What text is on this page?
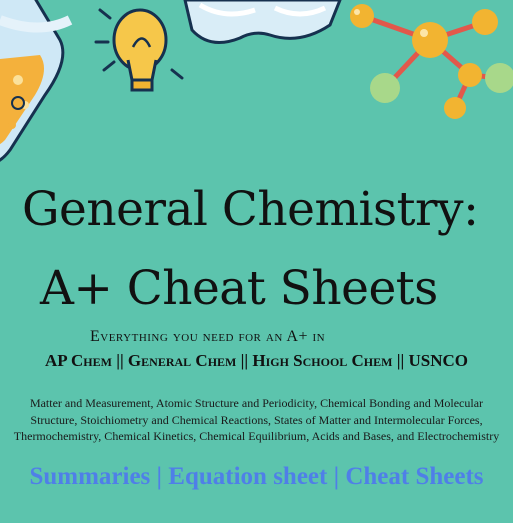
General Chemistry:
A+ Cheat Sheets
Everything you need for an A+ in
AP Chem || General Chem || High School Chem || USNCO
Matter and Measurement, Atomic Structure and Periodicity, Chemical Bonding and Molecular Structure, Stoichiometry and Chemical Reactions, States of Matter and Intermolecular Forces, Thermochemistry, Chemical Kinetics, Chemical Equilibrium, Acids and Bases, and Electrochemistry
Summaries | Equation sheet | Cheat Sheets
